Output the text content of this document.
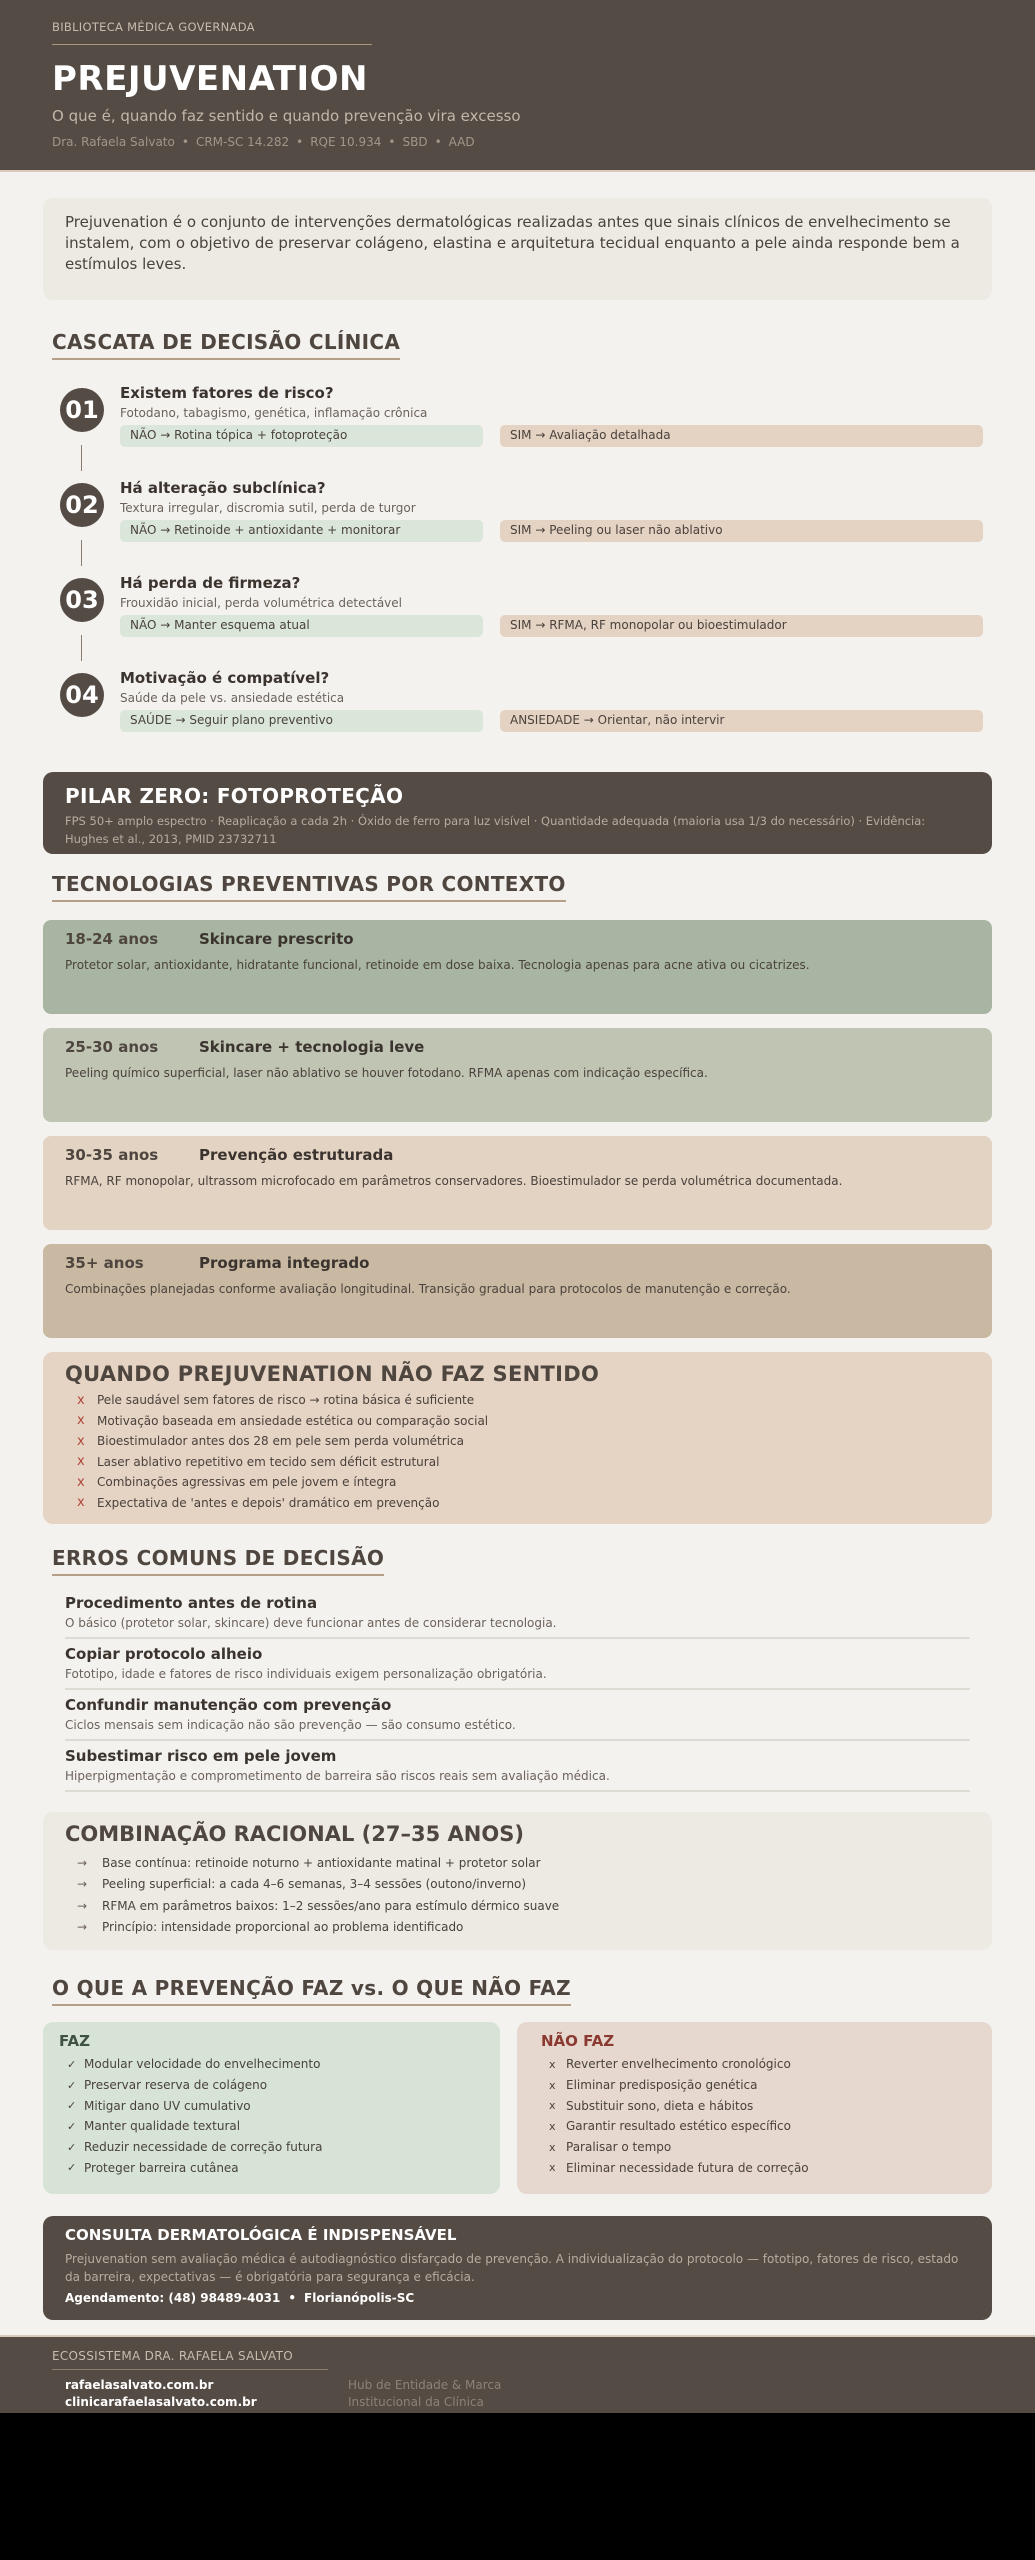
BIBLIOTECA MÉDICA GOVERNADA
PREJUVENATION
O que é, quando faz sentido e quando prevenção vira excesso
Dra. Rafaela Salvato • CRM-SC 14.282 • RQE 10.934 • SBD • AAD
Prejuvenation é o conjunto de intervenções dermatológicas realizadas antes que sinais clínicos de envelhecimento se instalem, com o objetivo de preservar colágeno, elastina e arquitetura tecidual enquanto a pele ainda responde bem a estímulos leves.
CASCATA DE DECISÃO CLÍNICA
01
Existem fatores de risco?
Fotodano, tabagismo, genética, inflamação crônica
NÃO → Rotina tópica + fotoproteção	SIM → Avaliação detalhada
02
Há alteração subclínica?
Textura irregular, discromia sutil, perda de turgor
NÃO → Retinoide + antioxidante + monitorar	SIM → Peeling ou laser não ablativo
03
Há perda de firmeza?
Frouxidão inicial, perda volumétrica detectável
NÃO → Manter esquema atual	SIM → RFMA, RF monopolar ou bioestimulador
04
Motivação é compatível?
Saúde da pele vs. ansiedade estética
SAÚDE → Seguir plano preventivo	ANSIEDADE → Orientar, não intervir
PILAR ZERO: FOTOPROTEÇÃO

FPS 50+ amplo espectro · Reaplicação a cada 2h · Óxido de ferro para luz visível · Quantidade adequada (maioria usa 1/3 do necessário) · Evidência: Hughes et al., 2013, PMID 23732711

TECNOLOGIAS PREVENTIVAS POR CONTEXTO
18-24 anos	Skincare prescrito

Protetor solar, antioxidante, hidratante funcional, retinoide em dose baixa. Tecnologia apenas para acne ativa ou cicatrizes.

25-30 anos	Skincare + tecnologia leve

Peeling químico superficial, laser não ablativo se houver fotodano. RFMA apenas com indicação específica.

30-35 anos	Prevenção estruturada

RFMA, RF monopolar, ultrassom microfocado em parâmetros conservadores. Bioestimulador se perda volumétrica documentada.

35+ anos	Programa integrado

Combinações planejadas conforme avaliação longitudinal. Transição gradual para protocolos de manutenção e correção.

QUANDO PREJUVENATION NÃO FAZ SENTIDO
x	Pele saudável sem fatores de risco → rotina básica é suficiente
x	Motivação baseada em ansiedade estética ou comparação social
x	Bioestimulador antes dos 28 em pele sem perda volumétrica
x	Laser ablativo repetitivo em tecido sem déficit estrutural
x	Combinações agressivas em pele jovem e íntegra
x	Expectativa de 'antes e depois' dramático em prevenção
ERROS COMUNS DE DECISÃO
Procedimento antes de rotina

O básico (protetor solar, skincare) deve funcionar antes de considerar tecnologia.

Copiar protocolo alheio

Fototipo, idade e fatores de risco individuais exigem personalização obrigatória.

Confundir manutenção com prevenção

Ciclos mensais sem indicação não são prevenção — são consumo estético.

Subestimar risco em pele jovem

Hiperpigmentação e comprometimento de barreira são riscos reais sem avaliação médica.

COMBINAÇÃO RACIONAL (27–35 ANOS)
→	Base contínua: retinoide noturno + antioxidante matinal + protetor solar
→	Peeling superficial: a cada 4–6 semanas, 3–4 sessões (outono/inverno)
→	RFMA em parâmetros baixos: 1–2 sessões/ano para estímulo dérmico suave
→	Princípio: intensidade proporcional ao problema identificado
O QUE A PREVENÇÃO FAZ vs. O QUE NÃO FAZ
FAZ
✓ Modular velocidade do envelhecimento
✓ Preservar reserva de colágeno
✓ Mitigar dano UV cumulativo
✓ Manter qualidade textural
✓ Reduzir necessidade de correção futura
✓ Proteger barreira cutânea
NÃO FAZ
x Reverter envelhecimento cronológico
x Eliminar predisposição genética
x Substituir sono, dieta e hábitos
x Garantir resultado estético específico
x Paralisar o tempo
x Eliminar necessidade futura de correção
CONSULTA DERMATOLÓGICA É INDISPENSÁVEL

Prejuvenation sem avaliação médica é autodiagnóstico disfarçado de prevenção. A individualização do protocolo — fototipo, fatores de risco, estado da barreira, expectativas — é obrigatória para segurança e eficácia.

Agendamento: (48) 98489-4031 • Florianópolis-SC
ECOSSISTEMA DRA. RAFAELA SALVATO
rafaelasalvato.com.br	Hub de Entidade & Marca
clinicarafaelasalvato.com.br	Institucional da Clínica
